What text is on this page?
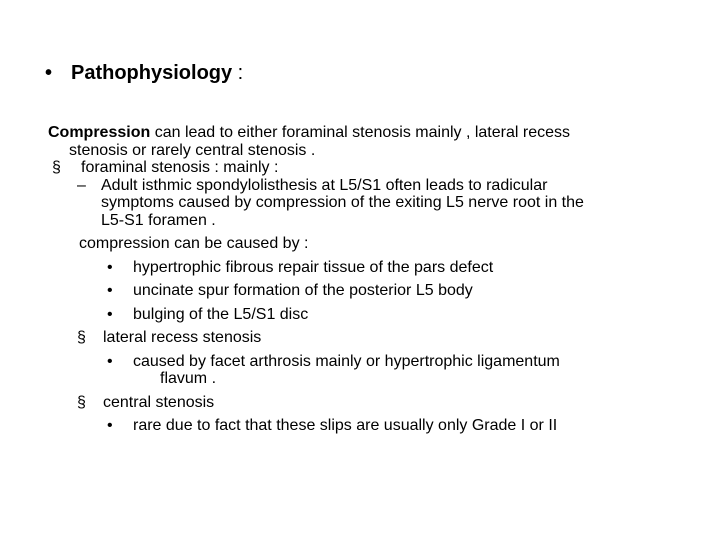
• Pathophysiology :
Compression can lead to either foraminal stenosis mainly , lateral recess
stenosis or rarely central stenosis .
§ foraminal stenosis : mainly :
– Adult isthmic spondylolisthesis at L5/S1 often leads to radicular
symptoms caused by compression of the exiting L5 nerve root in the
L5-S1 foramen .
compression can be caused by :
• hypertrophic fibrous repair tissue of the pars defect
• uncinate spur formation of the posterior L5 body
• bulging of the L5/S1 disc
§ lateral recess stenosis
• caused by facet arthrosis mainly or hypertrophic ligamentum
flavum .
§ central stenosis
• rare due to fact that these slips are usually only Grade I or II
